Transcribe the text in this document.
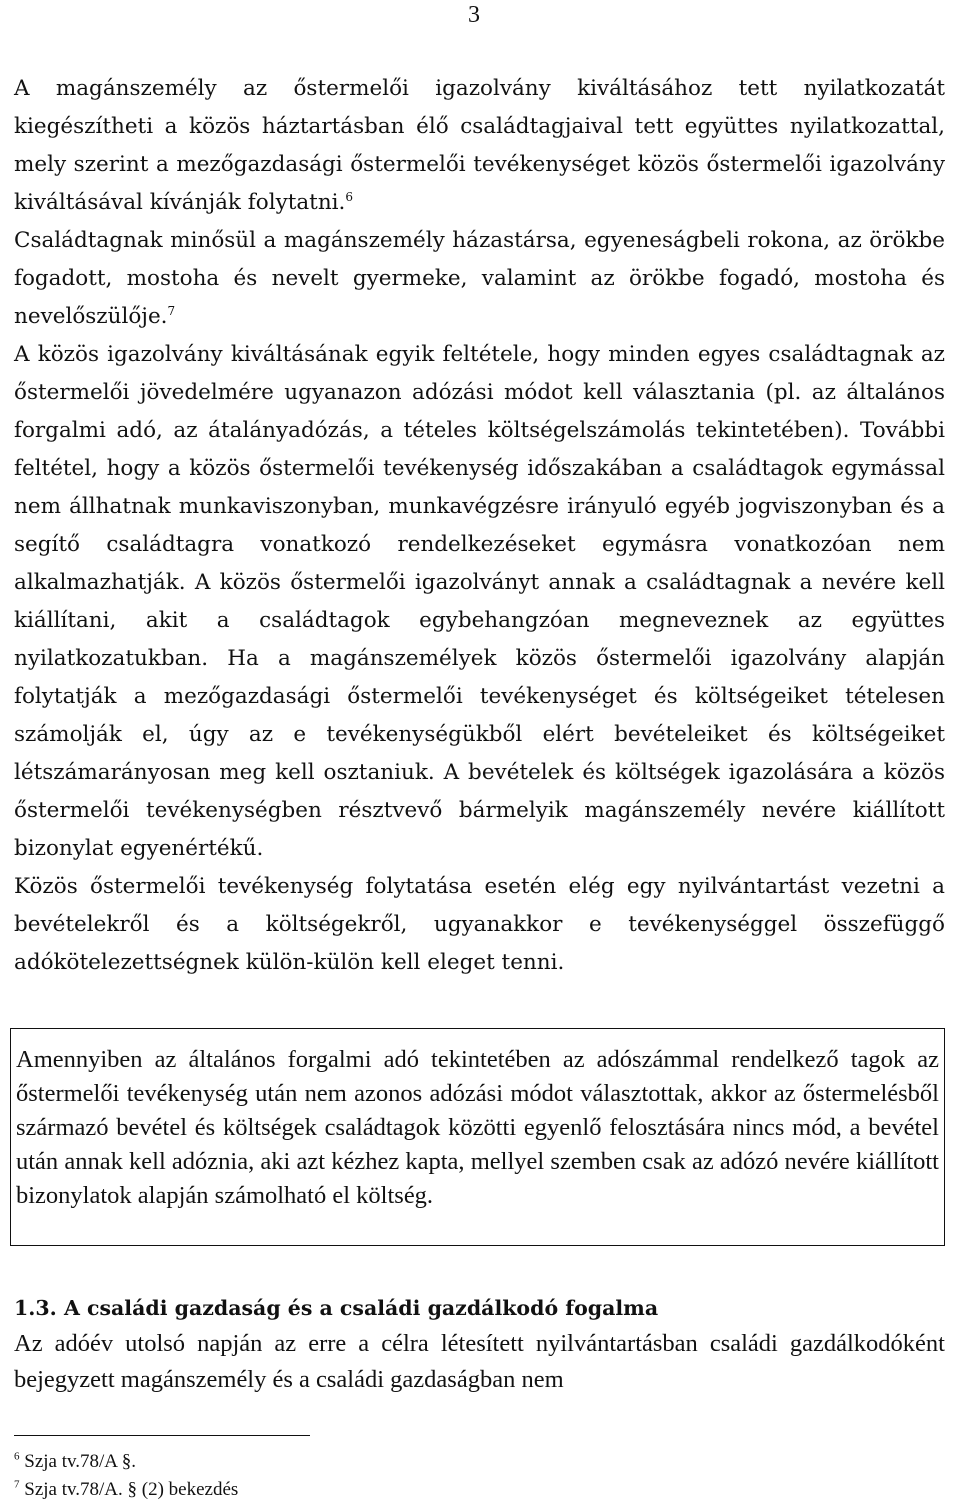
3

A magánszemély az őstermelői igazolvány kiváltásához tett nyilatkozatát kiegészítheti a közös háztartásban élő családtagjaival tett együttes nyilatkozattal, mely szerint a mezőgazdasági őstermelői tevékenységet közös őstermelői igazolvány kiváltásával kívánják folytatni.$^6$

Családtagnak minősül a magánszemély házastársa, egyeneságbeli rokona, az örökbe fogadott, mostoha és nevelt gyermeke, valamint az örökbe fogadó, mostoha és nevelőszülője.$^7$

A közös igazolvány kiváltásának egyik feltétele, hogy minden egyes családtagnak az őstermelői jövedelmére ugyanazon adózási módot kell választania (pl. az általános forgalmi adó, az átalányadózás, a tételes költségelszámolás tekintetében). További feltétel, hogy a közös őstermelői tevékenység időszakában a családtagok egymással nem állhatnak munkaviszonyban, munkavégzésre irányuló egyéb jogviszonyban és a segítő családtagra vonatkozó rendelkezéseket egymásra vonatkozóan nem alkalmazhatják. A közös őstermelői igazolványt annak a családtagnak a nevére kell kiállítani, akit a családtagok egybehangzóan megneveznek az együttes nyilatkozatukban. Ha a magánszemélyek közös őstermelői igazolvány alapján folytatják a mezőgazdasági őstermelői tevékenységet és költségeiket tételesen számolják el, úgy az e tevékenységükből elért bevételeiket és költségeiket létszámarányosan meg kell osztaniuk. A bevételek és költségek igazolására a közös őstermelői tevékenységben résztvevő bármelyik magánszemély nevére kiállított bizonylat egyenértékű.

Közös őstermelői tevékenység folytatása esetén elég egy nyilvántartást vezetni a bevételekről és a költségekről, ugyanakkor e tevékenységgel összefüggő adókötelezettségnek külön-külön kell eleget tenni.

Amennyiben az általános forgalmi adó tekintetében az adószámmal rendelkező tagok az őstermelői tevékenység után nem azonos adózási módot választottak, akkor az őstermelésből származó bevétel és költségek családtagok közötti egyenlő felosztására nincs mód, a bevétel után annak kell adóznia, aki azt kézhez kapta, mellyel szemben csak az adózó nevére kiállított bizonylatok alapján számolható el költség.

1.3. A családi gazdaság és a családi gazdálkodó fogalma

Az adóév utolsó napján az erre a célra létesített nyilvántartásban családi gazdálkodóként bejegyzett magánszemély és a családi gazdaságban nem

$^6$ Szja tv.78/A §.
$^7$ Szja tv.78/A. § (2) bekezdés
